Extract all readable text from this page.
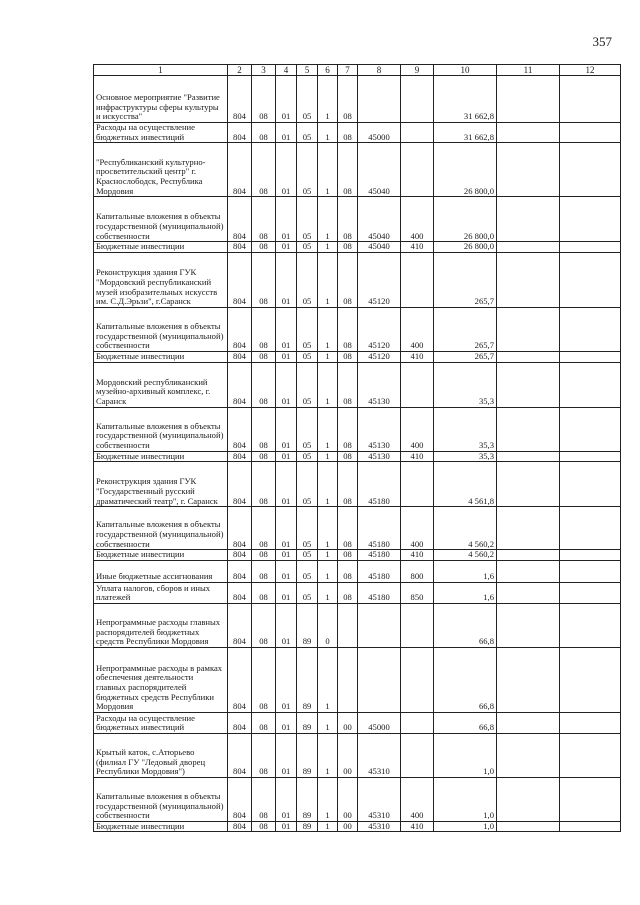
357
1	2	3	4	5	6	7	8	9	10	11	12
Основное мероприятие "Развитие инфраструктуры сферы культуры и искусства"	804	08	01	05	1	08			31 662,8		
Расходы на осуществление бюджетных инвестиций	804	08	01	05	1	08	45000		31 662,8		
"Республиканский культурно-просветительский центр" г. Краснослободск, Республика Мордовия	804	08	01	05	1	08	45040		26 800,0		
Капитальные вложения в объекты государственной (муниципальной) собственности	804	08	01	05	1	08	45040	400	26 800,0		
Бюджетные инвестиции	804	08	01	05	1	08	45040	410	26 800,0		
Реконструкция здания ГУК "Мордовский республиканский музей изобразительных искусств им. С.Д.Эрьзи", г.Саранск	804	08	01	05	1	08	45120		265,7		
Капитальные вложения в объекты государственной (муниципальной) собственности	804	08	01	05	1	08	45120	400	265,7		
Бюджетные инвестиции	804	08	01	05	1	08	45120	410	265,7		
Мордовский республиканский музейно-архивный комплекс, г. Саранск	804	08	01	05	1	08	45130		35,3		
Капитальные вложения в объекты государственной (муниципальной) собственности	804	08	01	05	1	08	45130	400	35,3		
Бюджетные инвестиции	804	08	01	05	1	08	45130	410	35,3		
Реконструкция здания ГУК "Государственный русский драматический театр", г. Саранск	804	08	01	05	1	08	45180		4 561,8		
Капитальные вложения в объекты государственной (муниципальной) собственности	804	08	01	05	1	08	45180	400	4 560,2		
Бюджетные инвестиции	804	08	01	05	1	08	45180	410	4 560,2		
Иные бюджетные ассигнования	804	08	01	05	1	08	45180	800	1,6		
Уплата налогов, сборов и иных платежей	804	08	01	05	1	08	45180	850	1,6		
Непрограммные расходы главных распорядителей бюджетных средств Республики Мордовия	804	08	01	89	0				66,8		
Непрограммные расходы в рамках обеспечения деятельности главных распорядителей бюджетных средств Республики Мордовия	804	08	01	89	1				66,8		
Расходы на осуществление бюджетных инвестиций	804	08	01	89	1	00	45000		66,8		
Крытый каток, с.Атюрьево (филиал ГУ "Ледовый дворец Республики Мордовия")	804	08	01	89	1	00	45310		1,0		
Капитальные вложения в объекты государственной (муниципальной) собственности	804	08	01	89	1	00	45310	400	1,0		
Бюджетные инвестиции	804	08	01	89	1	00	45310	410	1,0		
